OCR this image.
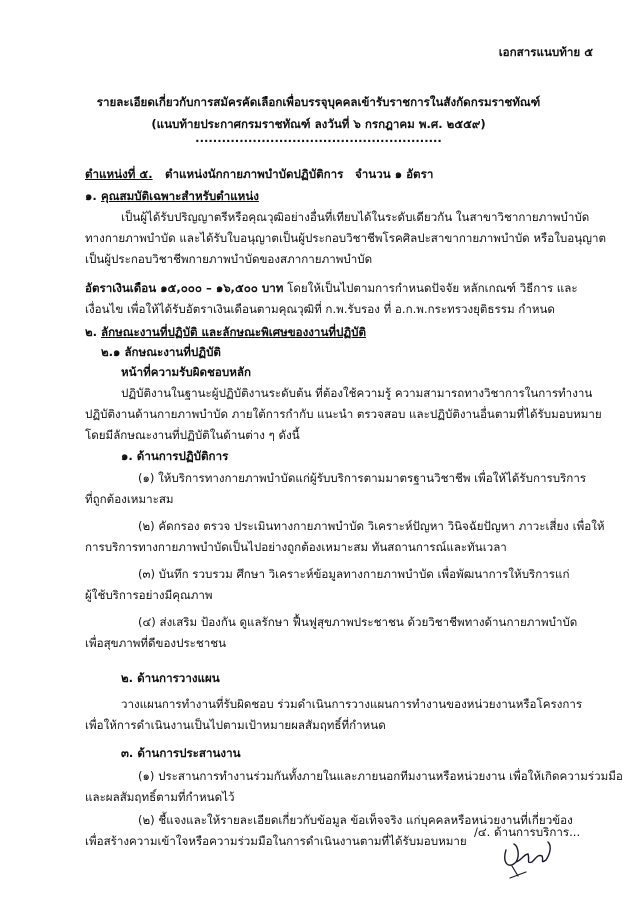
เอกสารแนบท้าย ๕
รายละเอียดเกี่ยวกับการสมัครคัดเลือกเพื่อบรรจุบุคคลเข้ารับราชการในสังกัดกรมราชทัณฑ์
(แนบท้ายประกาศกรมราชทัณฑ์ ลงวันที่ ๖ กรกฎาคม พ.ศ. ๒๕๕๙)
........................................................
ตำแหน่งที่ ๕. ตำแหน่งนักกายภาพบำบัดปฏิบัติการ จำนวน ๑ อัตรา
๑. คุณสมบัติเฉพาะสำหรับตำแหน่ง
เป็นผู้ได้รับปริญญาตรีหรือคุณวุฒิอย่างอื่นที่เทียบได้ในระดับเดียวกัน ในสาขาวิชากายภาพบำบัด
ทางกายภาพบำบัด และได้รับใบอนุญาตเป็นผู้ประกอบวิชาชีพโรคศิลปะสาขากายภาพบำบัด หรือใบอนุญาต
เป็นผู้ประกอบวิชาชีพกายภาพบำบัดของสภากายภาพบำบัด
อัตราเงินเดือน ๑๕,๐๐๐ – ๑๖,๕๐๐ บาท โดยให้เป็นไปตามการกำหนดปัจจัย หลักเกณฑ์ วิธีการ และ
เงื่อนไข เพื่อให้ได้รับอัตราเงินเดือนตามคุณวุฒิที่ ก.พ.รับรอง ที่ อ.ก.พ.กระทรวงยุติธรรม กำหนด
๒. ลักษณะงานที่ปฏิบัติ และลักษณะพิเศษของงานที่ปฏิบัติ
๒.๑ ลักษณะงานที่ปฏิบัติ
หน้าที่ความรับผิดชอบหลัก
ปฏิบัติงานในฐานะผู้ปฏิบัติงานระดับต้น ที่ต้องใช้ความรู้ ความสามารถทางวิชาการในการทำงาน
ปฏิบัติงานด้านกายภาพบำบัด ภายใต้การกำกับ แนะนำ ตรวจสอบ และปฏิบัติงานอื่นตามที่ได้รับมอบหมาย
โดยมีลักษณะงานที่ปฏิบัติในด้านต่าง ๆ ดังนี้
๑. ด้านการปฏิบัติการ
(๑) ให้บริการทางกายภาพบำบัดแก่ผู้รับบริการตามมาตรฐานวิชาชีพ เพื่อให้ได้รับการบริการ
ที่ถูกต้องเหมาะสม
(๒) คัดกรอง ตรวจ ประเมินทางกายภาพบำบัด วิเคราะห์ปัญหา วินิจฉัยปัญหา ภาวะเสี่ยง เพื่อให้
การบริการทางกายภาพบำบัดเป็นไปอย่างถูกต้องเหมาะสม ทันสถานการณ์และทันเวลา
(๓) บันทึก รวบรวม ศึกษา วิเคราะห์ข้อมูลทางกายภาพบำบัด เพื่อพัฒนาการให้บริการแก่
ผู้ใช้บริการอย่างมีคุณภาพ
(๔) ส่งเสริม ป้องกัน ดูแลรักษา ฟื้นฟูสุขภาพประชาชน ด้วยวิชาชีพทางด้านกายภาพบำบัด
เพื่อสุขภาพที่ดีของประชาชน
๒. ด้านการวางแผน
วางแผนการทำงานที่รับผิดชอบ ร่วมดำเนินการวางแผนการทำงานของหน่วยงานหรือโครงการ
เพื่อให้การดำเนินงานเป็นไปตามเป้าหมายผลสัมฤทธิ์ที่กำหนด
๓. ด้านการประสานงาน
(๑) ประสานการทำงานร่วมกันทั้งภายในและภายนอกทีมงานหรือหน่วยงาน เพื่อให้เกิดความร่วมมือ
และผลสัมฤทธิ์ตามที่กำหนดไว้
(๒) ชี้แจงและให้รายละเอียดเกี่ยวกับข้อมูล ข้อเท็จจริง แก่บุคคลหรือหน่วยงานที่เกี่ยวข้อง
เพื่อสร้างความเข้าใจหรือความร่วมมือในการดำเนินงานตามที่ได้รับมอบหมาย
/๔. ด้านการบริการ...
